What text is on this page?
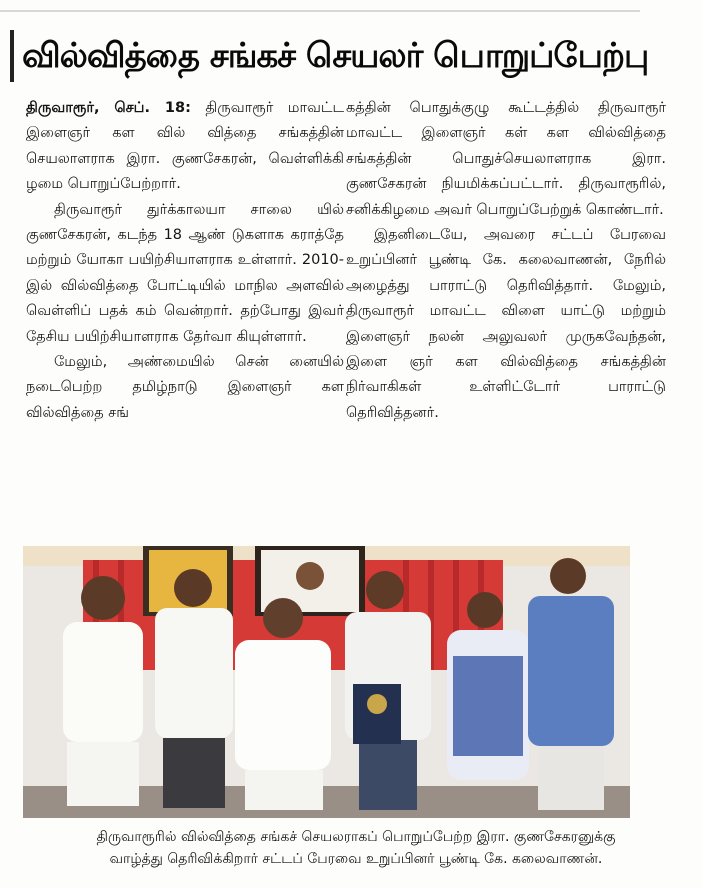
வில்வித்தை சங்கச் செயலர் பொறுப்பேற்பு

திருவாரூர், செப். 18: திருவாரூர் மாவட்ட இளைஞர் கள வில் வித்தை சங்கத்தின் செயலாளராக இரா. குணசேகரன், வெள்ளிக்கி ழமை பொறுப்பேற்றார்.

திருவாரூர் துர்க்காலயா சாலை யில் குணசேகரன், கடந்த 18 ஆண் டுகளாக கராத்தே மற்றும் யோகா பயிற்சியாளராக உள்ளார். 2010-இல் வில்வித்தை போட்டியில் மாநில அளவில் வெள்ளிப் பதக் கம் வென்றார். தற்போது இவர் தேசிய பயிற்சியாளராக தேர்வா கியுள்ளார்.

மேலும், அண்மையில் சென் னையில் நடைபெற்ற தமிழ்நாடு இளைஞர் கள வில்வித்தை சங்

கத்தின் பொதுக்குழு கூட்டத்தில் திருவாரூர் மாவட்ட இளைஞர் கள் கள வில்வித்தை சங்கத்தின் பொதுச்செயலாளராக இரா. குணசேகரன் நியமிக்கப்பட்டார். திருவாரூரில், சனிக்கிழமை அவர் பொறுப்பேற்றுக் கொண்டார்.

இதனிடையே, அவரை சட்டப் பேரவை உறுப்பினர் பூண்டி கே. கலைவாணன், நேரில் அழைத்து பாராட்டு தெரிவித்தார். மேலும், திருவாரூர் மாவட்ட விளை யாட்டு மற்றும் இளைஞர் நலன் அலுவலர் முருகவேந்தன், இளை ஞர் கள வில்வித்தை சங்கத்தின் நிர்வாகிகள் உள்ளிட்டோர் பாராட்டு தெரிவித்தனர்.

திருவாரூரில் வில்வித்தை சங்கச் செயலராகப் பொறுப்பேற்ற இரா. குணசேகரனுக்கு
வாழ்த்து தெரிவிக்கிறார் சட்டப் பேரவை உறுப்பினர் பூண்டி கே. கலைவாணன்.
